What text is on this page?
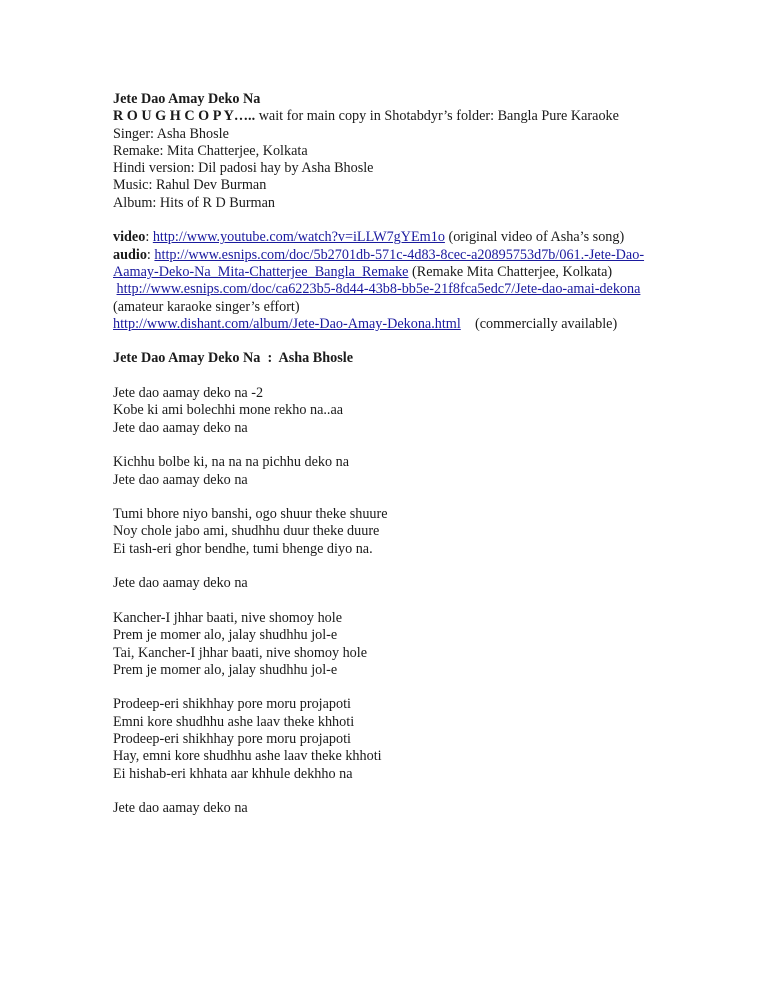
Jete Dao Amay Deko Na
R O U G H C O P Y….. wait for main copy in Shotabdyr’s folder: Bangla Pure Karaoke
Singer: Asha Bhosle
Remake: Mita Chatterjee, Kolkata
Hindi version: Dil padosi hay by Asha Bhosle
Music: Rahul Dev Burman
Album: Hits of R D Burman
video: http://www.youtube.com/watch?v=iLLW7gYEm1o (original video of Asha’s song)
audio: http://www.esnips.com/doc/5b2701db-571c-4d83-8cec-a20895753d7b/061.-Jete-Dao-
Aamay-Deko-Na_Mita-Chatterjee_Bangla_Remake (Remake Mita Chatterjee, Kolkata)
http://www.esnips.com/doc/ca6223b5-8d44-43b8-bb5e-21f8fca5edc7/Jete-dao-amai-dekona
(amateur karaoke singer’s effort)
http://www.dishant.com/album/Jete-Dao-Amay-Dekona.html    (commercially available)
Jete Dao Amay Deko Na  :  Asha Bhosle
Jete dao aamay deko na -2
Kobe ki ami bolechhi mone rekho na..aa
Jete dao aamay deko na
Kichhu bolbe ki, na na na pichhu deko na
Jete dao aamay deko na
Tumi bhore niyo banshi, ogo shuur theke shuure
Noy chole jabo ami, shudhhu duur theke duure
Ei tash-eri ghor bendhe, tumi bhenge diyo na.
Jete dao aamay deko na
Kancher-I jhhar baati, nive shomoy hole
Prem je momer alo, jalay shudhhu jol-e
Tai, Kancher-I jhhar baati, nive shomoy hole
Prem je momer alo, jalay shudhhu jol-e
Prodeep-eri shikhhay pore moru projapoti
Emni kore shudhhu ashe laav theke khhoti
Prodeep-eri shikhhay pore moru projapoti
Hay, emni kore shudhhu ashe laav theke khhoti
Ei hishab-eri khhata aar khhule dekhho na
Jete dao aamay deko na
